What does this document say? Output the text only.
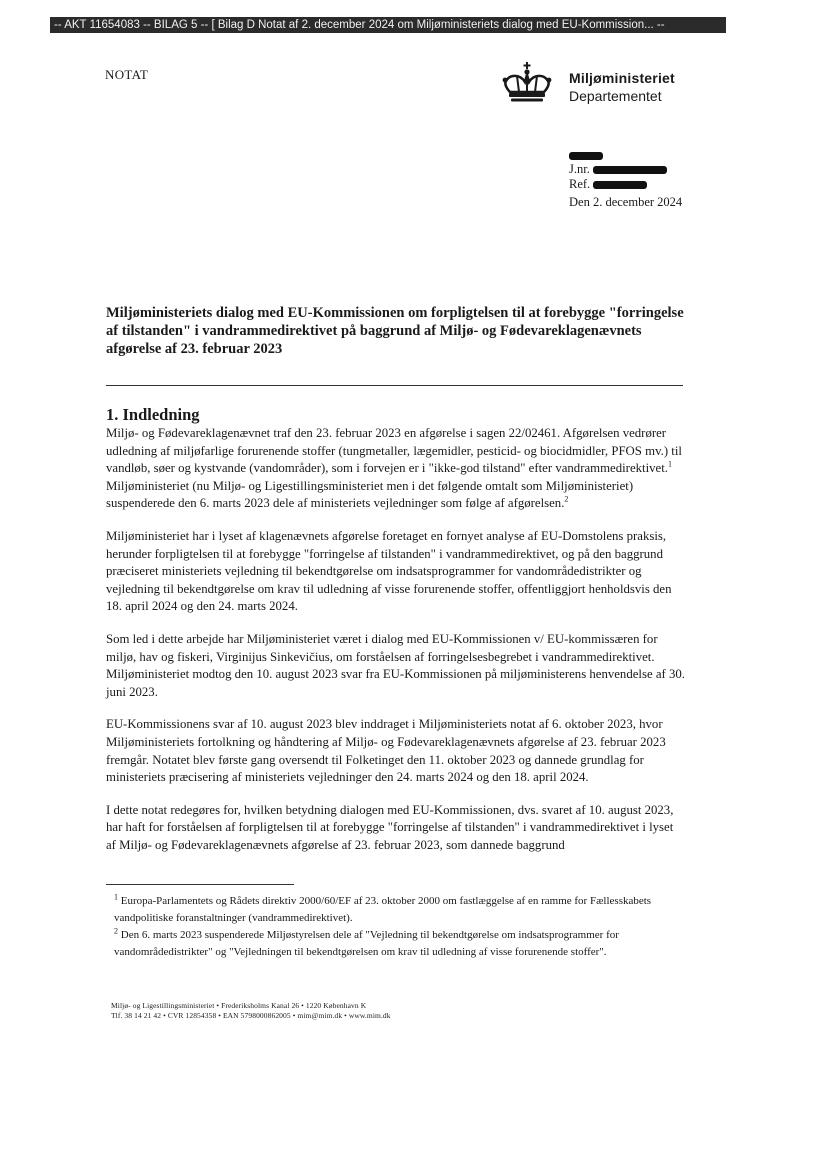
-- AKT 11654083 -- BILAG 5 -- [ Bilag D Notat af 2. december 2024 om Miljøministeriets dialog med EU-Kommission... --
NOTAT	Miljøministeriet
Departementet
J.nr.
Ref.
Den 2. december 2024
Miljøministeriets dialog med EU-Kommissionen om forpligtelsen til at forebygge "forringelse af tilstanden" i vandrammedirektivet på baggrund af Miljø- og Fødevareklagenævnets afgørelse af 23. februar 2023
1. Indledning

Miljø- og Fødevareklagenævnet traf den 23. februar 2023 en afgørelse i sagen 22/02461. Afgørelsen vedrører udledning af miljøfarlige forurenende stoffer (tungmetaller, lægemidler, pesticid- og biocidmidler, PFOS mv.) til vandløb, søer og kystvande (vandområder), som i forvejen er i "ikke-god tilstand" efter vandrammedirektivet.$^1$ Miljøministeriet (nu Miljø- og Ligestillingsministeriet men i det følgende omtalt som Miljøministeriet) suspenderede den 6. marts 2023 dele af ministeriets vejledninger som følge af afgørelsen.$^2$

Miljøministeriet har i lyset af klagenævnets afgørelse foretaget en fornyet analyse af EU-Domstolens praksis, herunder forpligtelsen til at forebygge "forringelse af tilstanden" i vandrammedirektivet, og på den baggrund præciseret ministeriets vejledning til bekendtgørelse om indsatsprogrammer for vandområdedistrikter og vejledning til bekendtgørelse om krav til udledning af visse forurenende stoffer, offentliggjort henholdsvis den 18. april 2024 og den 24. marts 2024.

Som led i dette arbejde har Miljøministeriet været i dialog med EU-Kommissionen v/ EU-kommissæren for miljø, hav og fiskeri, Virginijus Sinkevičius, om forståelsen af forringelsesbegrebet i vandrammedirektivet. Miljøministeriet modtog den 10. august 2023 svar fra EU-Kommissionen på miljøministerens henvendelse af 30. juni 2023.

EU-Kommissionens svar af 10. august 2023 blev inddraget i Miljøministeriets notat af 6. oktober 2023, hvor Miljøministeriets fortolkning og håndtering af Miljø- og Fødevareklagenævnets afgørelse af 23. februar 2023 fremgår. Notatet blev første gang oversendt til Folketinget den 11. oktober 2023 og dannede grundlag for ministeriets præcisering af ministeriets vejledninger den 24. marts 2024 og den 18. april 2024.

I dette notat redegøres for, hvilken betydning dialogen med EU-Kommissionen, dvs. svaret af 10. august 2023, har haft for forståelsen af forpligtelsen til at forebygge "forringelse af tilstanden" i vandrammedirektivet i lyset af Miljø- og Fødevareklagenævnets afgørelse af 23. februar 2023, som dannede baggrund

$^1$ Europa-Parlamentets og Rådets direktiv 2000/60/EF af 23. oktober 2000 om fastlæggelse af en ramme for Fællesskabets vandpolitiske foranstaltninger (vandrammedirektivet).

$^2$ Den 6. marts 2023 suspenderede Miljøstyrelsen dele af "Vejledning til bekendtgørelse om indsatsprogrammer for vandområdedistrikter" og "Vejledningen til bekendtgørelsen om krav til udledning af visse forurenende stoffer".

Miljø- og Ligestillingsministeriet • Frederiksholms Kanal 26 • 1220 København K
Tlf. 38 14 21 42 • CVR 12854358 • EAN 5798000862005 • mim@mim.dk • www.mim.dk
